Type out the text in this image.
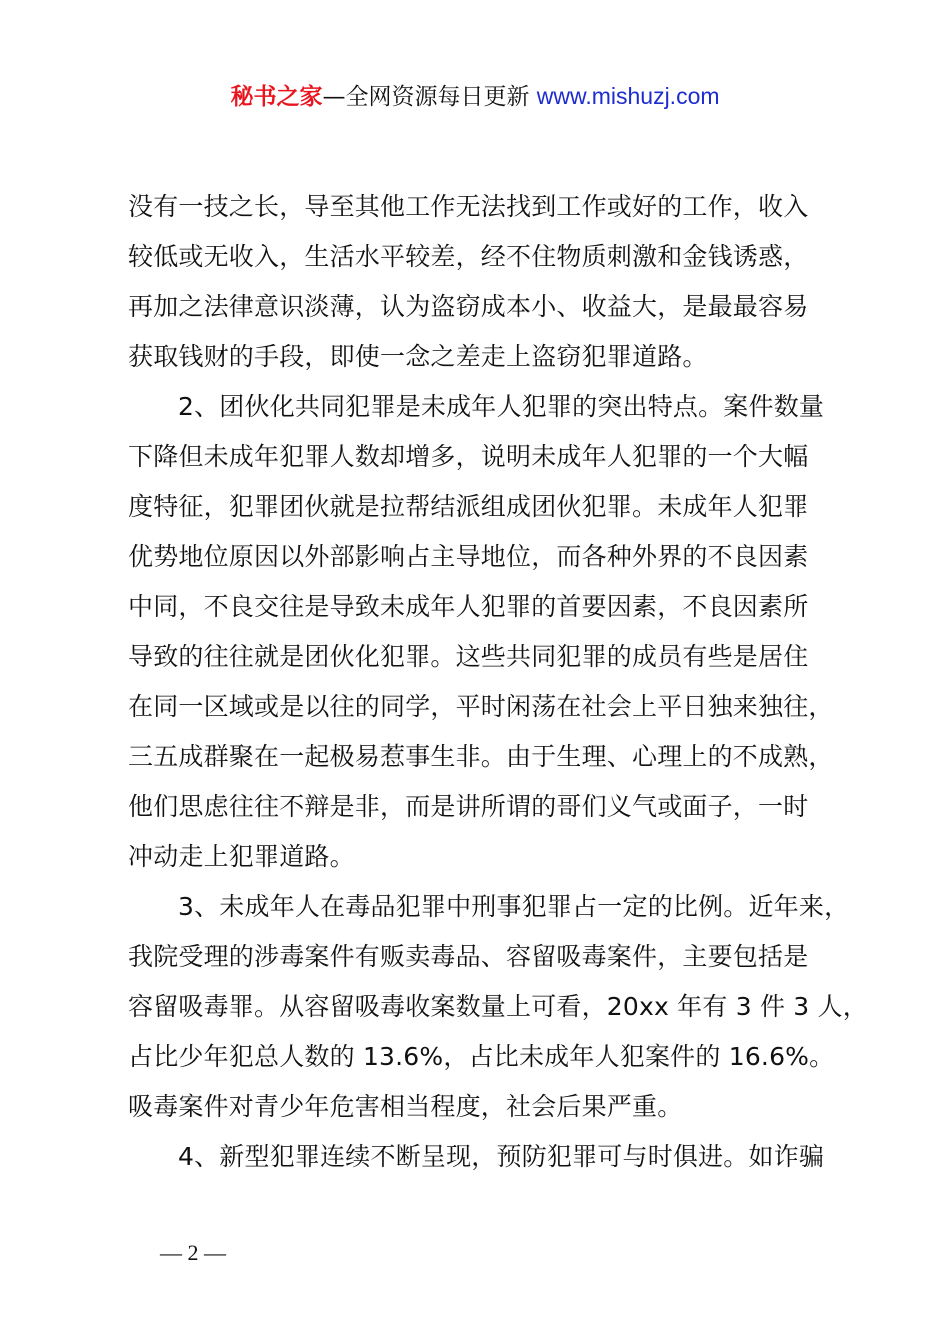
秘书之家—全网资源每日更新 www.mishuzj.com
没有一技之长，导至其他工作无法找到工作或好的工作，收入
较低或无收入，生活水平较差，经不住物质刺激和金钱诱惑，
再加之法律意识淡薄，认为盗窃成本小、收益大，是最最容易
获取钱财的手段，即使一念之差走上盗窃犯罪道路。
2、团伙化共同犯罪是未成年人犯罪的突出特点。案件数量
下降但未成年犯罪人数却增多，说明未成年人犯罪的一个大幅
度特征，犯罪团伙就是拉帮结派组成团伙犯罪。未成年人犯罪
优势地位原因以外部影响占主导地位，而各种外界的不良因素
中同，不良交往是导致未成年人犯罪的首要因素，不良因素所
导致的往往就是团伙化犯罪。这些共同犯罪的成员有些是居住
在同一区域或是以往的同学，平时闲荡在社会上平日独来独往，
三五成群聚在一起极易惹事生非。由于生理、心理上的不成熟，
他们思虑往往不辩是非，而是讲所谓的哥们义气或面子，一时
冲动走上犯罪道路。
3、未成年人在毒品犯罪中刑事犯罪占一定的比例。近年来，
我院受理的涉毒案件有贩卖毒品、容留吸毒案件，主要包括是
容留吸毒罪。从容留吸毒收案数量上可看，20xx 年有 3 件 3 人，
占比少年犯总人数的 13.6%，占比未成年人犯案件的 16.6%。
吸毒案件对青少年危害相当程度，社会后果严重。
4、新型犯罪连续不断呈现，预防犯罪可与时俱进。如诈骗
— 2 —
